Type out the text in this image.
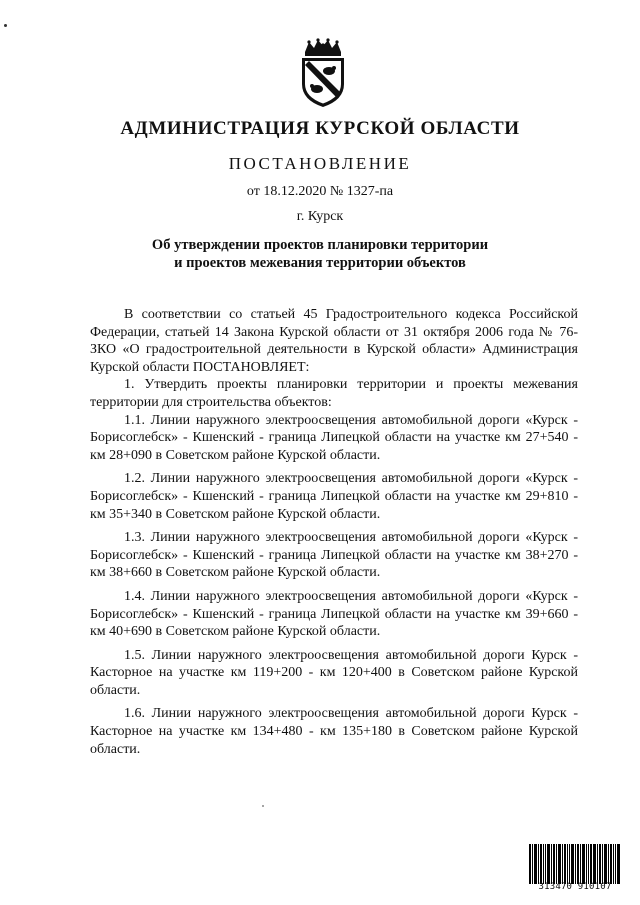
АДМИНИСТРАЦИЯ КУРСКОЙ ОБЛАСТИ
ПОСТАНОВЛЕНИЕ
от 18.12.2020 № 1327-па
г. Курск
Об утверждении проектов планировки территории
и проектов межевания территории объектов

В соответствии со статьей 45 Градостроительного кодекса Российской Федерации, статьей 14 Закона Курской области от 31 октября 2006 года № 76-ЗКО «О градостроительной деятельности в Курской области» Администрация Курской области ПОСТАНОВЛЯЕТ:

1. Утвердить проекты планировки территории и проекты межевания территории для строительства объектов:

1.1. Линии наружного электроосвещения автомобильной дороги «Курск - Борисоглебск» - Кшенский - граница Липецкой области на участке км 27+540 - км 28+090 в Советском районе Курской области.

1.2. Линии наружного электроосвещения автомобильной дороги «Курск - Борисоглебск» - Кшенский - граница Липецкой области на участке км 29+810 - км 35+340 в Советском районе Курской области.

1.3. Линии наружного электроосвещения автомобильной дороги «Курск - Борисоглебск» - Кшенский - граница Липецкой области на участке км 38+270 - км 38+660 в Советском районе Курской области.

1.4. Линии наружного электроосвещения автомобильной дороги «Курск - Борисоглебск» - Кшенский - граница Липецкой области на участке км 39+660 - км 40+690 в Советском районе Курской области.

1.5. Линии наружного электроосвещения автомобильной дороги Курск - Касторное на участке км 119+200 - км 120+400 в Советском районе Курской области.

1.6. Линии наружного электроосвещения автомобильной дороги Курск - Касторное на участке км 134+480 - км 135+180 в Советском районе Курской области.

313470 910107
